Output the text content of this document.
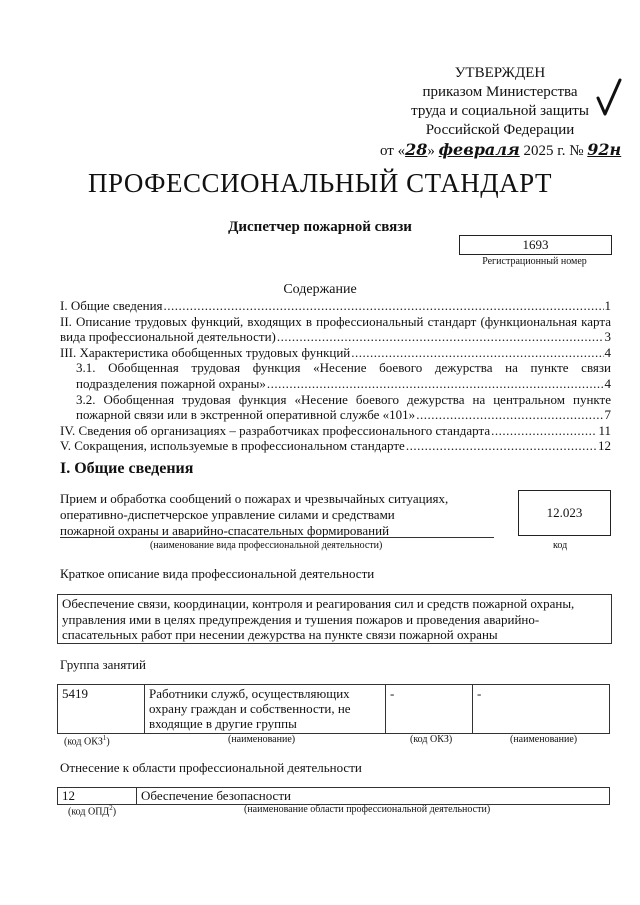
УТВЕРЖДЕН
приказом Министерства
труда и социальной защиты
Российской Федерации
от «28» февраля 2025 г. № 92н
ПРОФЕССИОНАЛЬНЫЙ СТАНДАРТ
Диспетчер пожарной связи
1693
Регистрационный номер
Содержание
I. Общие сведения .....	1
II. Описание трудовых функций, входящих в профессиональный стандарт (функциональная карта
вида профессиональной деятельности) .....	3
III. Характеристика обобщенных трудовых функций .....	4
3.1. Обобщенная трудовая функция «Несение боевого дежурства на пункте связи
подразделения пожарной охраны» .....	4
3.2. Обобщенная трудовая функция «Несение боевого дежурства на центральном пункте
пожарной связи или в экстренной оперативной службе «101» .....	7
IV. Сведения об организациях – разработчиках профессионального стандарта .....	11
V. Сокращения, используемые в профессиональном стандарте .....	12
I. Общие сведения
Прием и обработка сообщений о пожарах и чрезвычайных ситуациях, оперативно-диспетчерское управление силами и средствами пожарной охраны и аварийно-спасательных формирований
12.023
(наименование вида профессиональной деятельности)	код
Краткое описание вида профессиональной деятельности
Обеспечение связи, координации, контроля и реагирования сил и средств пожарной охраны, управления ими в целях предупреждения и тушения пожаров и проведения аварийно-спасательных работ при несении дежурства на пункте связи пожарной охраны
Группа занятий
5419	Работники служб, осуществляющих охрану граждан и собственности, не входящие в другие группы	-	-
(код ОКЗ$^1$)	(наименование)	(код ОКЗ)	(наименование)
Отнесение к области профессиональной деятельности
12	Обеспечение безопасности
(код ОПД$^2$)	(наименование области профессиональной деятельности)
